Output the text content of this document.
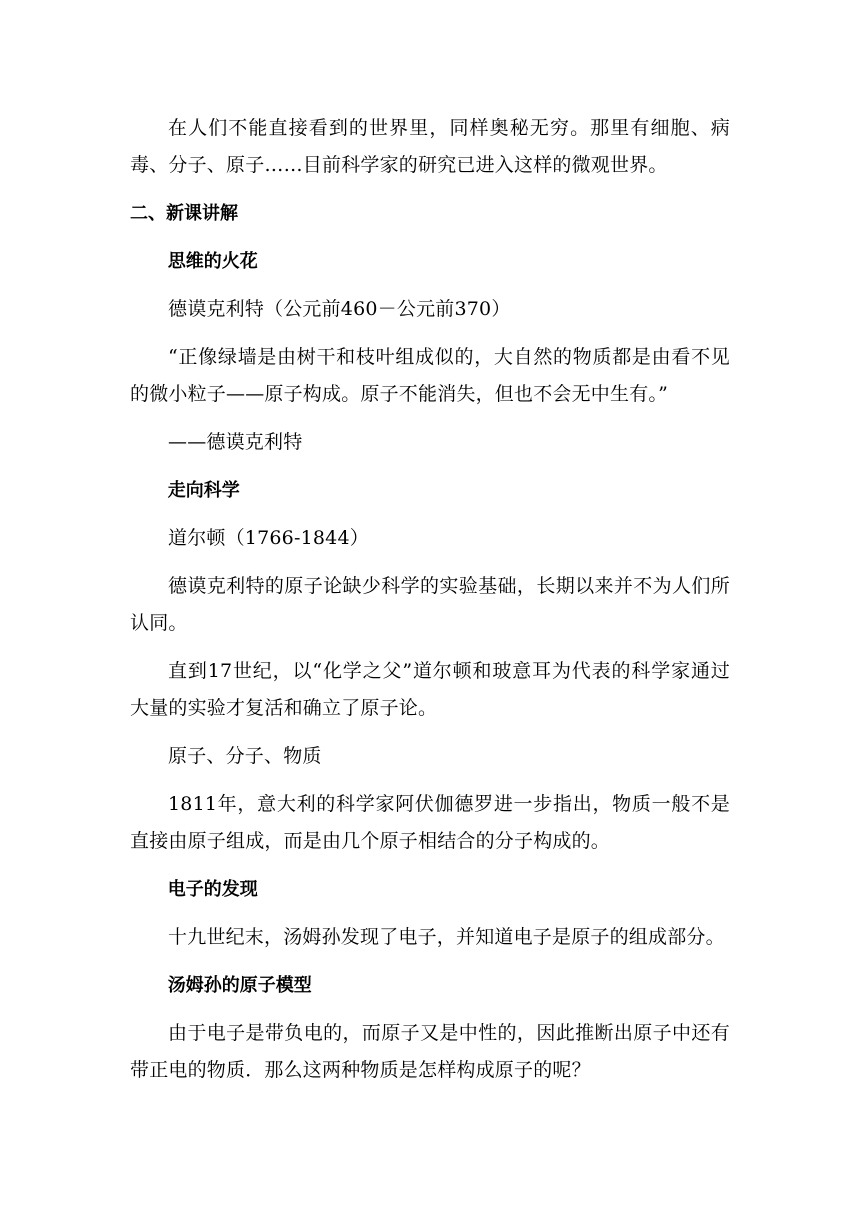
在人们不能直接看到的世界里，同样奥秘无穷。那里有细胞、病毒、分子、原子……目前科学家的研究已进入这样的微观世界。

二、新课讲解
思维的火花

德谟克利特（公元前460－公元前370）

“正像绿墙是由树干和枝叶组成似的，大自然的物质都是由看不见的微小粒子——原子构成。原子不能消失，但也不会无中生有。”

——德谟克利特

走向科学

道尔顿（1766-1844）

德谟克利特的原子论缺少科学的实验基础，长期以来并不为人们所认同。

直到17世纪，以“化学之父”道尔顿和玻意耳为代表的科学家通过大量的实验才复活和确立了原子论。

原子、分子、物质

1811年，意大利的科学家阿伏伽德罗进一步指出，物质一般不是直接由原子组成，而是由几个原子相结合的分子构成的。

电子的发现

十九世纪末，汤姆孙发现了电子，并知道电子是原子的组成部分。

汤姆孙的原子模型

由于电子是带负电的，而原子又是中性的，因此推断出原子中还有带正电的物质．那么这两种物质是怎样构成原子的呢？
